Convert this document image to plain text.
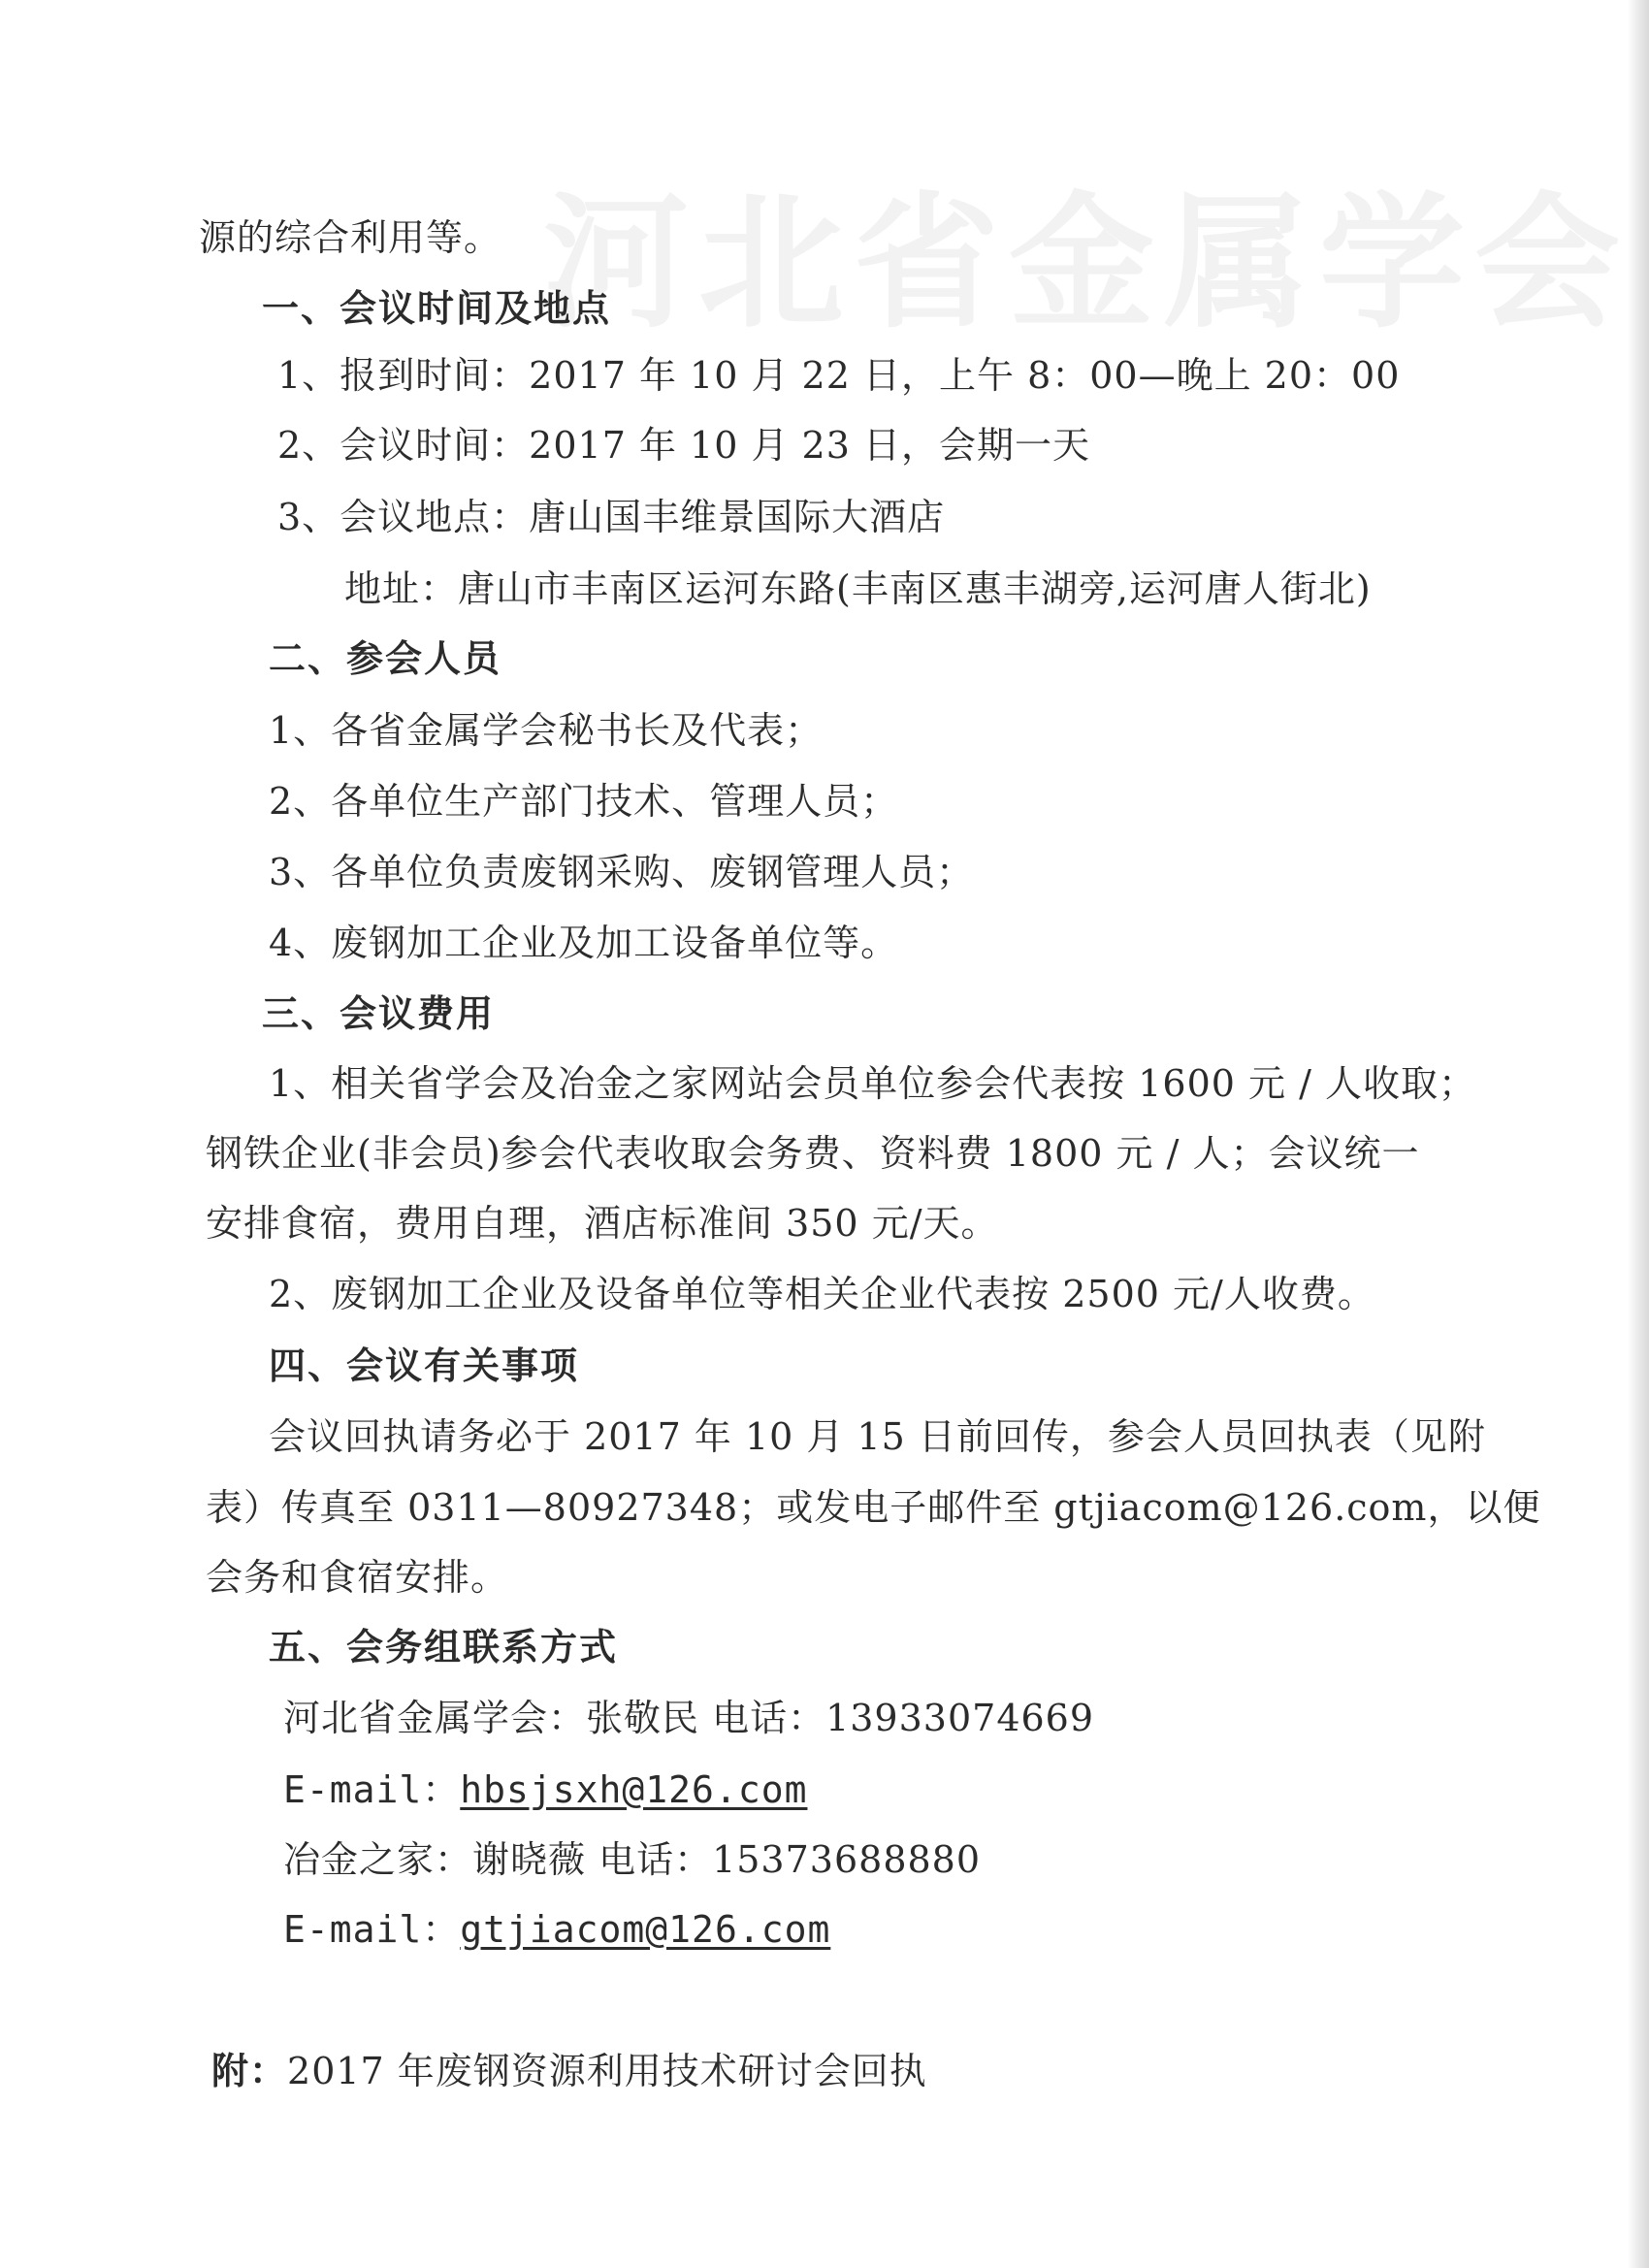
河北省金属学会
源的综合利用等。
一、会议时间及地点
1、报到时间：2017 年 10 月 22 日，上午 8：00—晚上 20：00
2、会议时间：2017 年 10 月 23 日，会期一天
3、会议地点：唐山国丰维景国际大酒店
地址：唐山市丰南区运河东路(丰南区惠丰湖旁,运河唐人街北)
二、参会人员
1、各省金属学会秘书长及代表；
2、各单位生产部门技术、管理人员；
3、各单位负责废钢采购、废钢管理人员；
4、废钢加工企业及加工设备单位等。
三、会议费用
1、相关省学会及冶金之家网站会员单位参会代表按 1600 元 / 人收取；
钢铁企业(非会员)参会代表收取会务费、资料费 1800 元 / 人；会议统一
安排食宿，费用自理，酒店标准间 350 元/天。
2、废钢加工企业及设备单位等相关企业代表按 2500 元/人收费。
四、会议有关事项
会议回执请务必于 2017 年 10 月 15 日前回传，参会人员回执表（见附
表）传真至 0311—80927348；或发电子邮件至 gtjiacom@126.com，以便
会务和食宿安排。
五、会务组联系方式
河北省金属学会：张敬民 电话：13933074669
E-mail：hbsjsxh@126.com
冶金之家：谢晓薇 电话：15373688880
E-mail：gtjiacom@126.com
附：2017 年废钢资源利用技术研讨会回执
